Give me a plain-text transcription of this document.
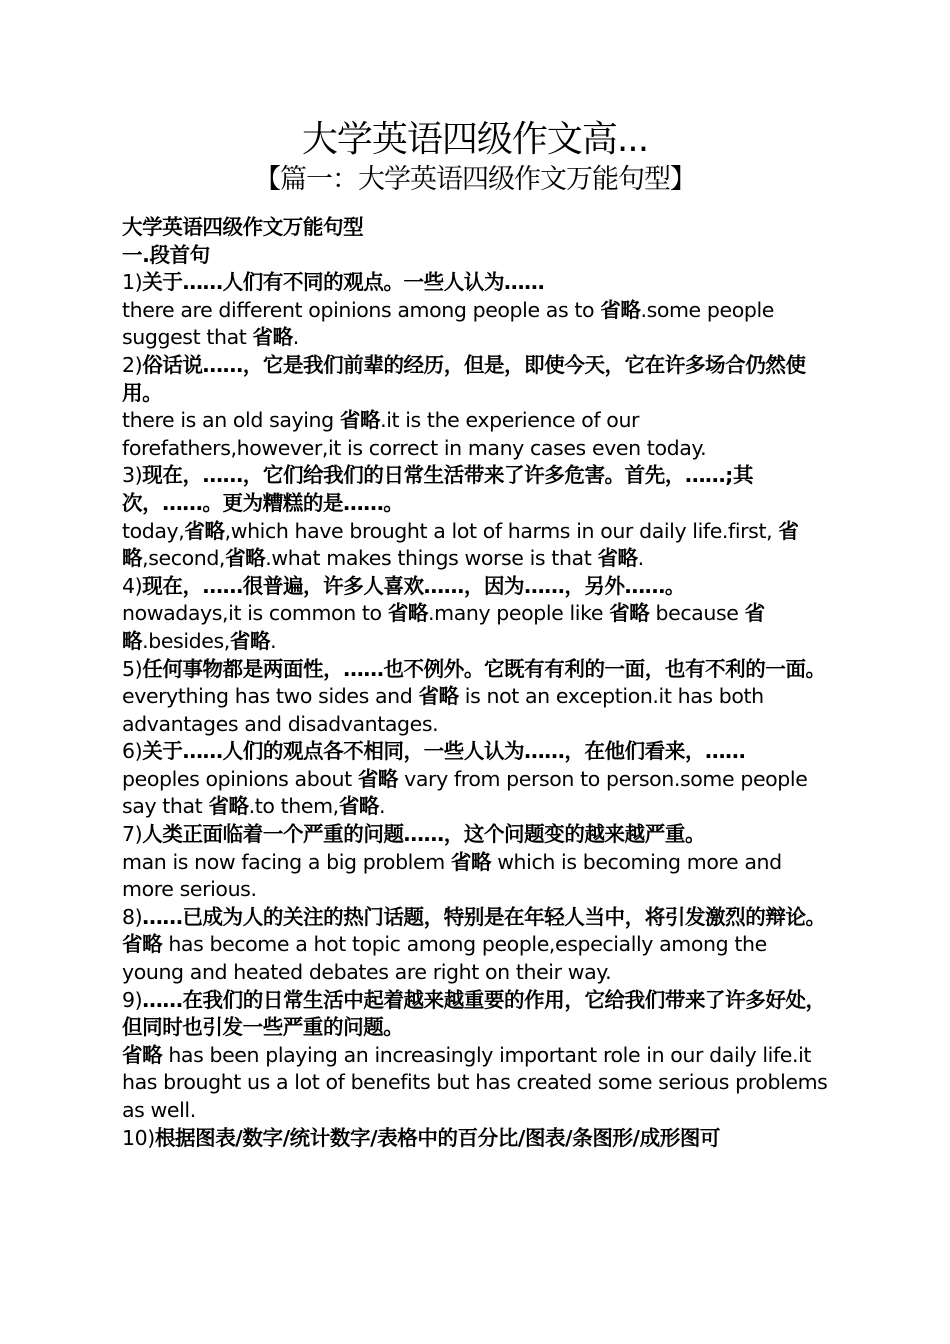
大学英语四级作文高...
【篇一：大学英语四级作文万能句型】

大学英语四级作文万能句型

一.段首句

1)关于……人们有不同的观点。一些人认为……

there are different opinions among people as to 省略.some people suggest that 省略.

2)俗话说……，它是我们前辈的经历，但是，即使今天，它在许多场合仍然使用。

there is an old saying 省略.it is the experience of our forefathers,however,it is correct in many cases even today.

3)现在，……，它们给我们的日常生活带来了许多危害。首先，……;其次，……。更为糟糕的是……。

today,省略,which have brought a lot of harms in our daily life.first, 省略,second,省略.what makes things worse is that 省略.

4)现在，……很普遍，许多人喜欢……，因为……，另外……。

nowadays,it is common to 省略.many people like 省略 because 省略.besides,省略.

5)任何事物都是两面性，……也不例外。它既有有利的一面，也有不利的一面。

everything has two sides and 省略 is not an exception.it has both advantages and disadvantages.

6)关于……人们的观点各不相同，一些人认为……，在他们看来，……

peoples opinions about 省略 vary from person to person.some people say that 省略.to them,省略.

7)人类正面临着一个严重的问题……，这个问题变的越来越严重。

man is now facing a big problem 省略 which is becoming more and more serious.

8)……已成为人的关注的热门话题，特别是在年轻人当中，将引发激烈的辩论。

省略 has become a hot topic among people,especially among the young and heated debates are right on their way.

9)……在我们的日常生活中起着越来越重要的作用，它给我们带来了许多好处，但同时也引发一些严重的问题。

省略 has been playing an increasingly important role in our daily life.it has brought us a lot of benefits but has created some serious problems as well.

10)根据图表/数字/统计数字/表格中的百分比/图表/条图形/成形图可
